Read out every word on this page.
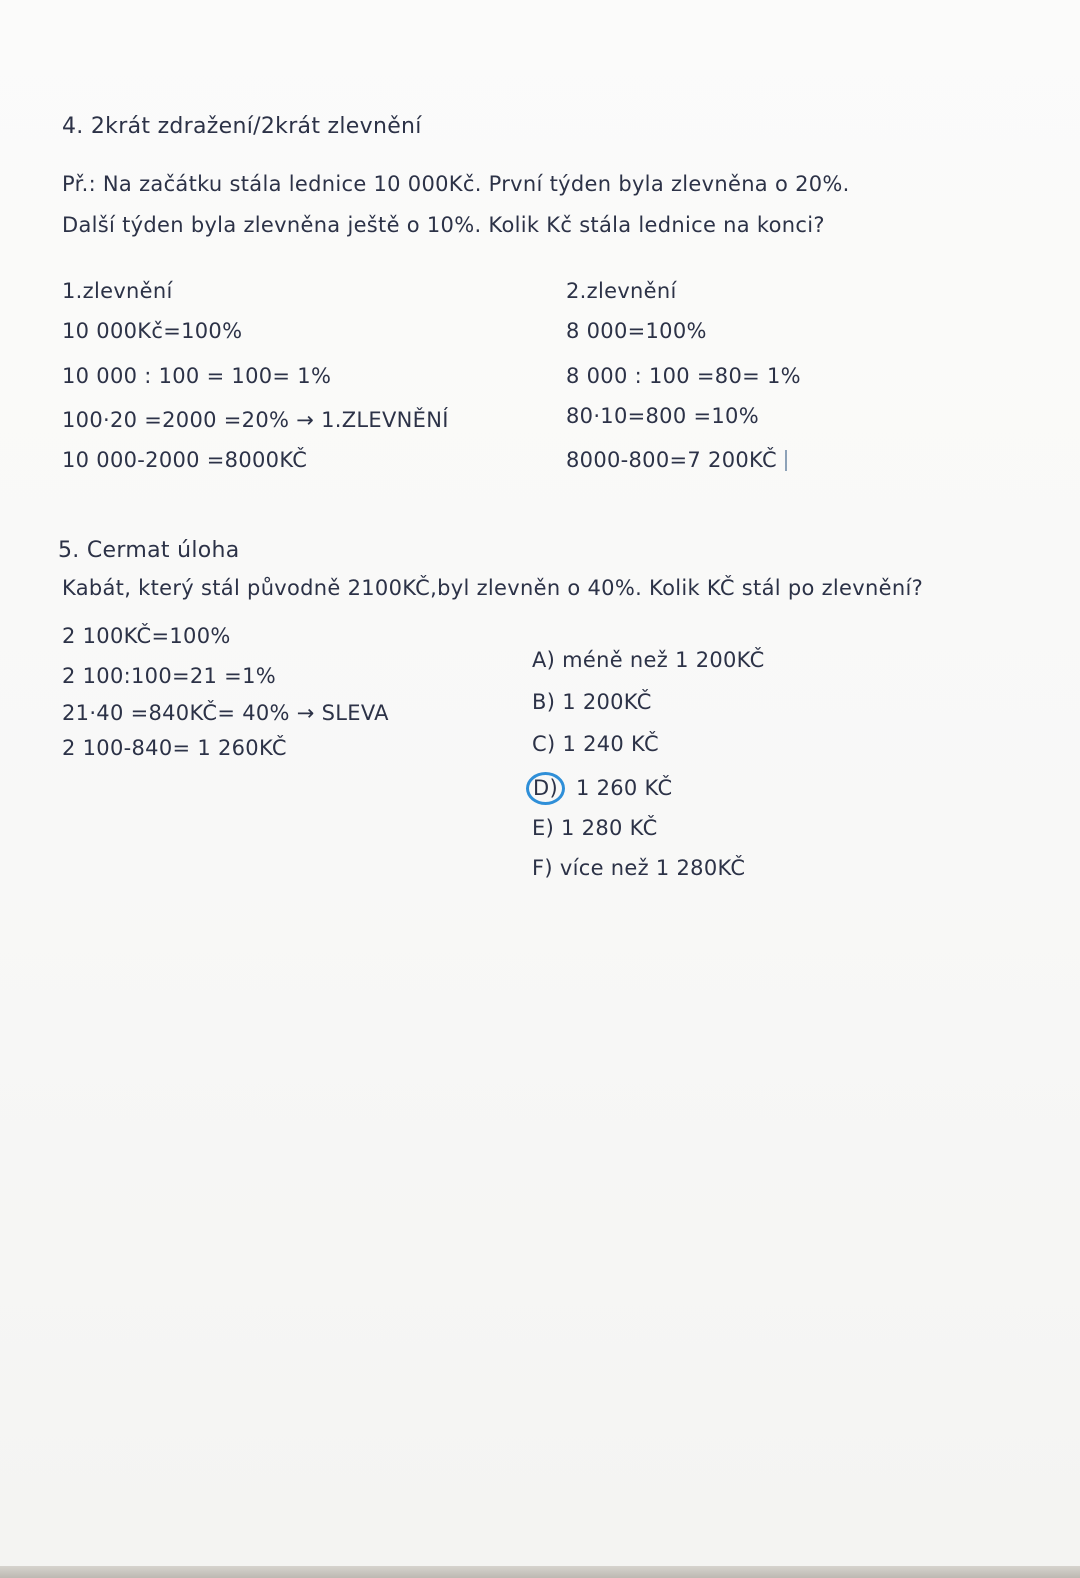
4. 2krát zdražení/2krát zlevnění
Př.: Na začátku stála lednice 10 000Kč. První týden byla zlevněna o 20%.
Další týden byla zlevněna ještě o 10%. Kolik Kč stála lednice na konci?
1.zlevnění
10 000Kč=100%
10 000 : 100 = 100= 1%
100·20 =2000 =20% → 1.ZLEVNĚNÍ
10 000-2000 =8000KČ
2.zlevnění
8 000=100%
8 000 : 100 =80= 1%
80·10=800 =10%
8000-800=7 200KČ
5. Cermat úloha
Kabát, který stál původně 2100KČ,byl zlevněn o 40%. Kolik KČ stál po zlevnění?
2 100KČ=100%
2 100:100=21 =1%
21·40 =840KČ= 40% → SLEVA
2 100-840= 1 260KČ
A) méně než 1 200KČ
B) 1 200KČ
C) 1 240 KČ
D) 1 260 KČ
E) 1 280 KČ
F) více než 1 280KČ
